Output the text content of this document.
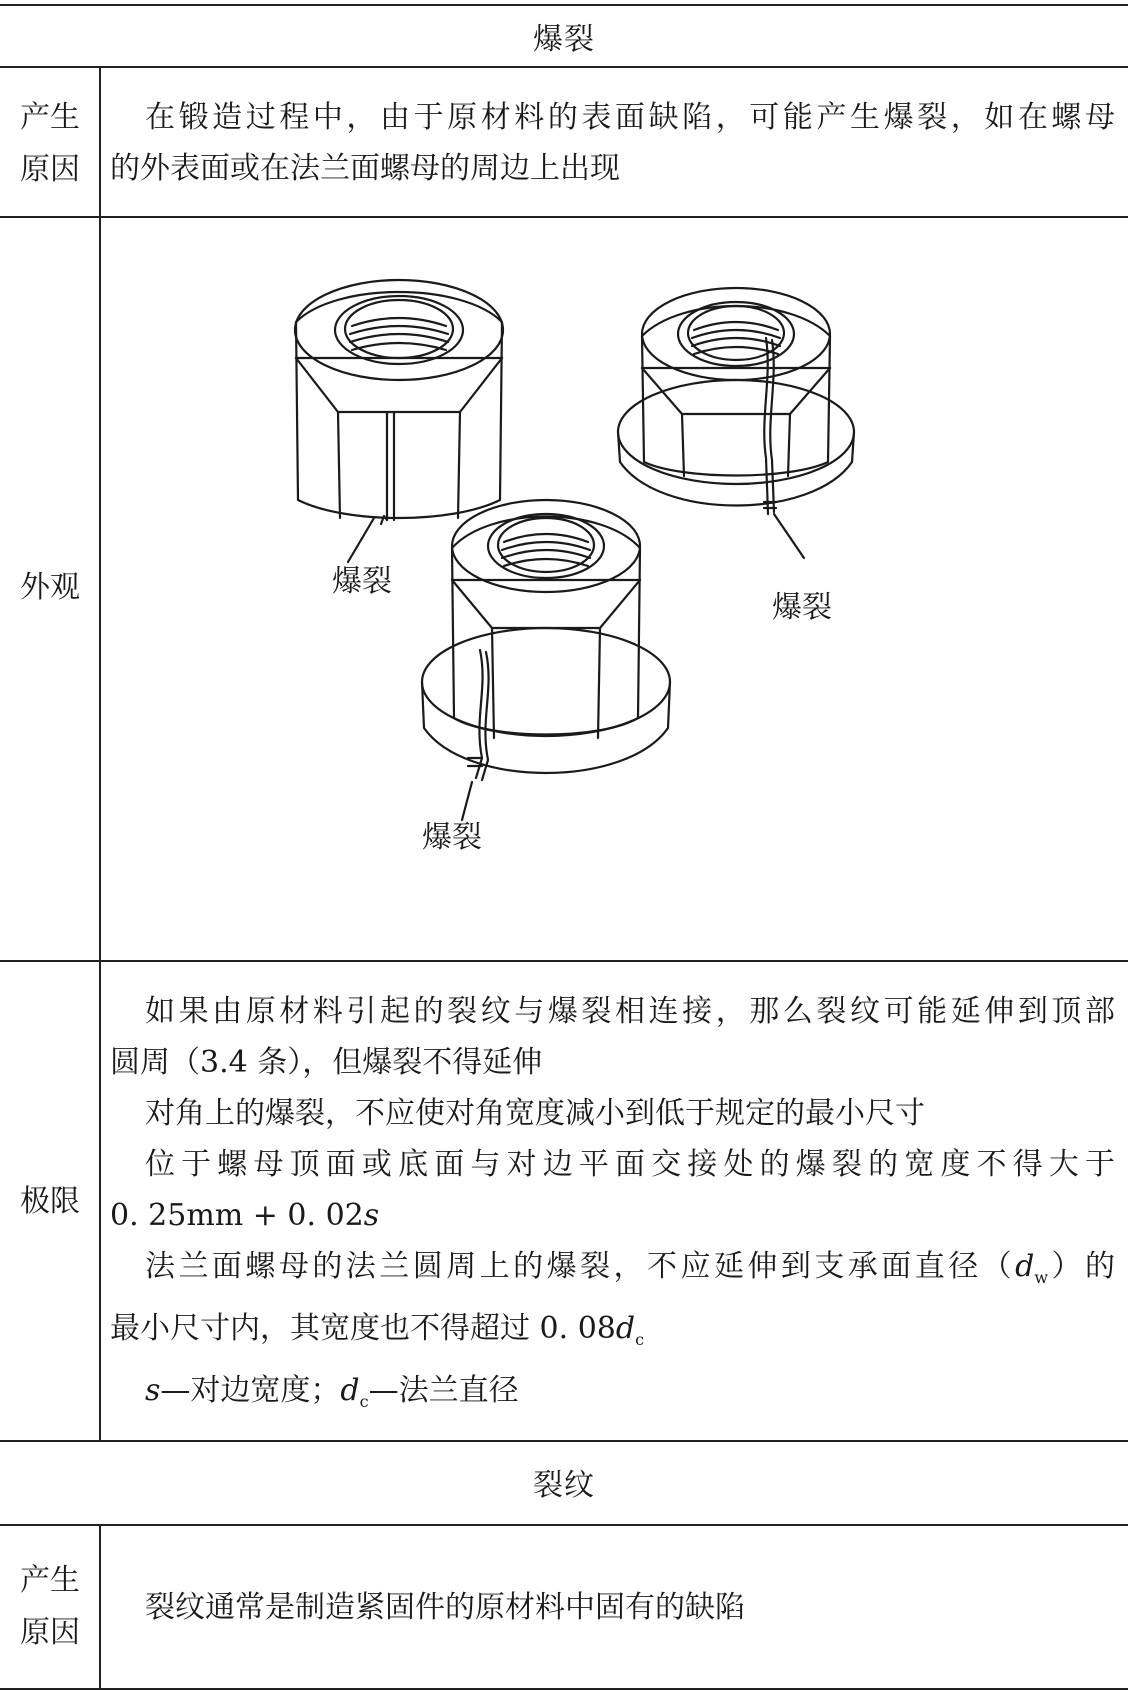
爆裂
产生
原因

在锻造过程中，由于原材料的表面缺陷，可能产生爆裂，如在螺母

的外表面或在法兰面螺母的周边上出现

外观	爆裂
爆裂
爆裂
极限

如果由原材料引起的裂纹与爆裂相连接，那么裂纹可能延伸到顶部

圆周（3.4 条），但爆裂不得延伸

对角上的爆裂，不应使对角宽度减小到低于规定的最小尺寸

位于螺母顶面或底面与对边平面交接处的爆裂的宽度不得大于

0. 25mm + 0. 02s

法兰面螺母的法兰圆周上的爆裂，不应延伸到支承面直径$(d_w)$的

最小尺寸内，其宽度也不得超过 0. $08d_c$

s—对边宽度；$d_c—$法兰直径

裂纹
产生
原因

裂纹通常是制造紧固件的原材料中固有的缺陷
